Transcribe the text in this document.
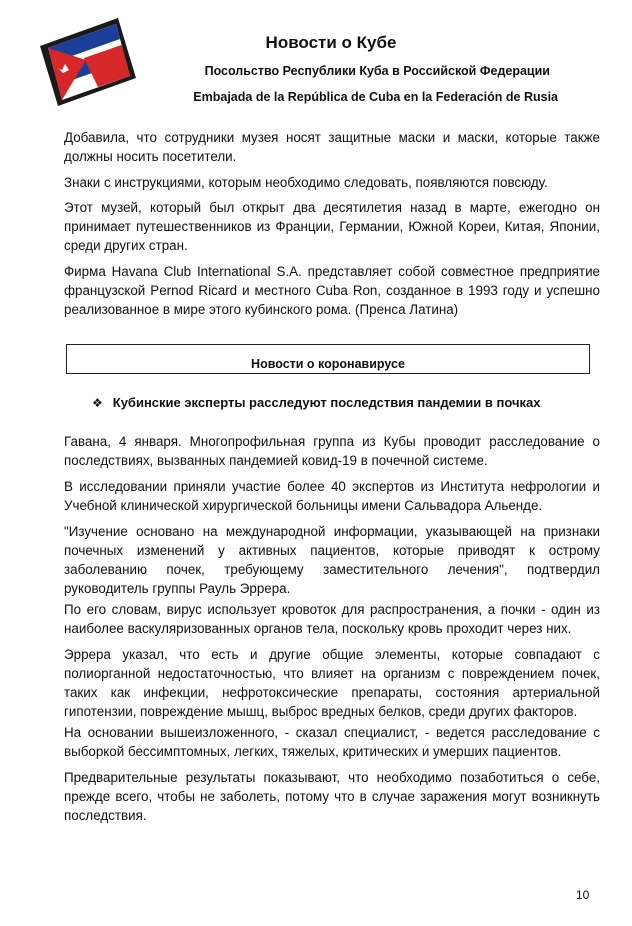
Новости о Кубе
Посольство Республики Куба в Российской Федерации
Embajada de la República de Cuba en la Federación de Rusia

Добавила, что сотрудники музея носят защитные маски и маски, которые также должны носить посетители.

Знаки с инструкциями, которым необходимо следовать, появляются повсюду.

Этот музей, который был открыт два десятилетия назад в марте, ежегодно он принимает путешественников из Франции, Германии, Южной Кореи, Китая, Японии, среди других стран.

Фирма Havana Club International S.A. представляет собой совместное предприятие французской Pernod Ricard и местного Cuba Ron, созданное в 1993 году и успешно реализованное в мире этого кубинского рома. (Пренса Латина)

Новости о коронавирусе
❖ Кубинские эксперты расследуют последствия пандемии в почках

Гавана, 4 января. Многопрофильная группа из Кубы проводит расследование о последствиях, вызванных пандемией ковид-19 в почечной системе.

В исследовании приняли участие более 40 экспертов из Института нефрологии и Учебной клинической хирургической больницы имени Сальвадора Альенде.

"Изучение основано на международной информации, указывающей на признаки почечных изменений у активных пациентов, которые приводят к острому заболеванию почек, требующему заместительного лечения", подтвердил руководитель группы Рауль Эррера.

По его словам, вирус использует кровоток для распространения, а почки - один из наиболее васкуляризованных органов тела, поскольку кровь проходит через них.

Эррера указал, что есть и другие общие элементы, которые совпадают с полиорганной недостаточностью, что влияет на организм с повреждением почек, таких как инфекции, нефротоксические препараты, состояния артериальной гипотензии, повреждение мышц, выброс вредных белков, среди других факторов.

На основании вышеизложенного, - сказал специалист, - ведется расследование с выборкой бессимптомных, легких, тяжелых, критических и умерших пациентов.

Предварительные результаты показывают, что необходимо позаботиться о себе, прежде всего, чтобы не заболеть, потому что в случае заражения могут возникнуть последствия.

10
